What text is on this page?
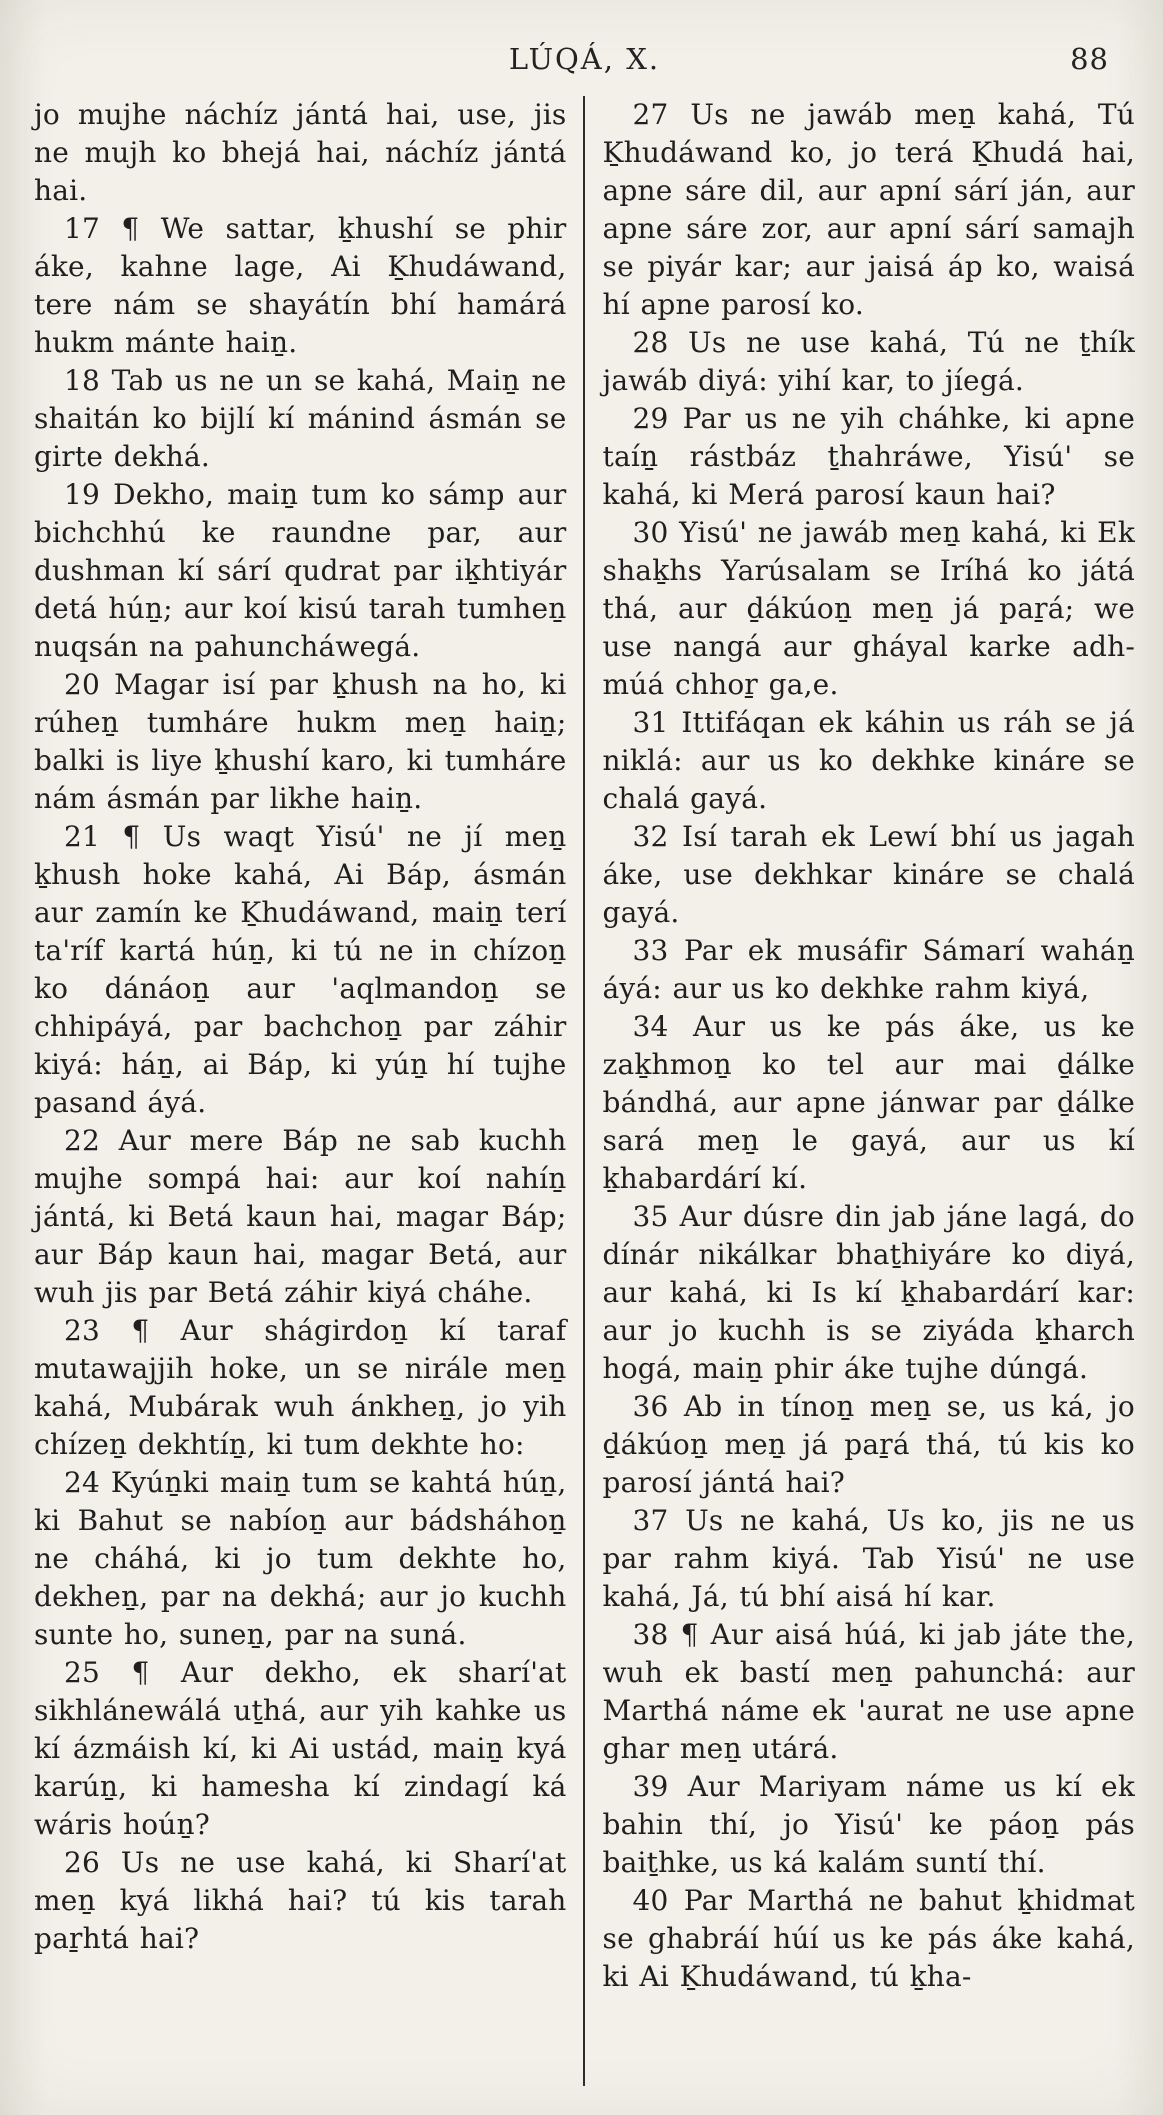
LÚQÁ, X.	88

jo mujhe náchíz jántá hai, use, jis ne mujh ko bhejá hai, náchíz jántá hai.

17 ¶ We sattar, ḵhushí se phir áke, kahne lage, Ai Ḵhudáwand, tere nám se shayátín bhí hamárá hukm mánte haiṉ.

18 Tab us ne un se kahá, Maiṉ ne shaitán ko bijlí kí mánind ásmán se girte dekhá.

19 Dekho, maiṉ tum ko sámp aur bichchhú ke raundne par, aur dushman kí sárí qudrat par iḵhtiyár detá húṉ; aur koí kisú tarah tumheṉ nuqsán na pahuncháwegá.

20 Magar isí par ḵhush na ho, ki rúheṉ tumháre hukm meṉ haiṉ; balki is liye ḵhushí karo, ki tumháre nám ásmán par likhe haiṉ.

21 ¶ Us waqt Yisú' ne jí meṉ ḵhush hoke kahá, Ai Báp, ásmán aur zamín ke Ḵhudáwand, maiṉ terí ta'ríf kartá húṉ, ki tú ne in chízoṉ ko dánáoṉ aur 'aqlmandoṉ se chhipáyá, par bachchoṉ par záhir kiyá: háṉ, ai Báp, ki yúṉ hí tujhe pasand áyá.

22 Aur mere Báp ne sab kuchh mujhe sompá hai: aur koí nahíṉ jántá, ki Betá kaun hai, magar Báp; aur Báp kaun hai, magar Betá, aur wuh jis par Betá záhir kiyá cháhe.

23 ¶ Aur shágirdoṉ kí taraf mutawajjih hoke, un se nirále meṉ kahá, Mubárak wuh ánkheṉ, jo yih chízeṉ dekhtíṉ, ki tum dekhte ho:

24 Kyúṉki maiṉ tum se kahtá húṉ, ki Bahut se nabíoṉ aur bádsháhoṉ ne cháhá, ki jo tum dekhte ho, dekheṉ, par na dekhá; aur jo kuchh sunte ho, suneṉ, par na suná.

25 ¶ Aur dekho, ek sharí'at sikhlánewálá uṯhá, aur yih kahke us kí ázmáish kí, ki Ai ustád, maiṉ kyá karúṉ, ki hamesha kí zindagí ká wáris hoúṉ?

26 Us ne use kahá, ki Sharí'at meṉ kyá likhá hai? tú kis tarah paṟhtá hai?

27 Us ne jawáb meṉ kahá, Tú Ḵhudáwand ko, jo terá Ḵhudá hai, apne sáre dil, aur apní sárí ján, aur apne sáre zor, aur apní sárí samajh se piyár kar; aur jaisá áp ko, waisá hí apne parosí ko.

28 Us ne use kahá, Tú ne ṯhík jawáb diyá: yihí kar, to jíegá.

29 Par us ne yih cháhke, ki apne taíṉ rástbáz ṯhahráwe, Yisú' se kahá, ki Merá parosí kaun hai?

30 Yisú' ne jawáb meṉ kahá, ki Ek shaḵhs Yarúsalam se Iríhá ko játá thá, aur ḏákúoṉ meṉ já paṟá; we use nangá aur gháyal karke adh-múá chhoṟ ga,e.

31 Ittifáqan ek káhin us ráh se já niklá: aur us ko dekhke kináre se chalá gayá.

32 Isí tarah ek Lewí bhí us jagah áke, use dekhkar kináre se chalá gayá.

33 Par ek musáfir Sámarí waháṉ áyá: aur us ko dekhke rahm kiyá,

34 Aur us ke pás áke, us ke zaḵhmoṉ ko tel aur mai ḏálke bándhá, aur apne jánwar par ḏálke sará meṉ le gayá, aur us kí ḵhabardárí kí.

35 Aur dúsre din jab jáne lagá, do dínár nikálkar bhaṯhiyáre ko diyá, aur kahá, ki Is kí ḵhabardárí kar: aur jo kuchh is se ziyáda ḵharch hogá, maiṉ phir áke tujhe dúngá.

36 Ab in tínoṉ meṉ se, us ká, jo ḏákúoṉ meṉ já paṟá thá, tú kis ko parosí jántá hai?

37 Us ne kahá, Us ko, jis ne us par rahm kiyá. Tab Yisú' ne use kahá, Já, tú bhí aisá hí kar.

38 ¶ Aur aisá húá, ki jab játe the, wuh ek bastí meṉ pahunchá: aur Marthá náme ek 'aurat ne use apne ghar meṉ utárá.

39 Aur Mariyam náme us kí ek bahin thí, jo Yisú' ke páoṉ pás baiṯhke, us ká kalám suntí thí.

40 Par Marthá ne bahut ḵhidmat se ghabráí húí us ke pás áke kahá, ki Ai Ḵhudáwand, tú ḵha-
